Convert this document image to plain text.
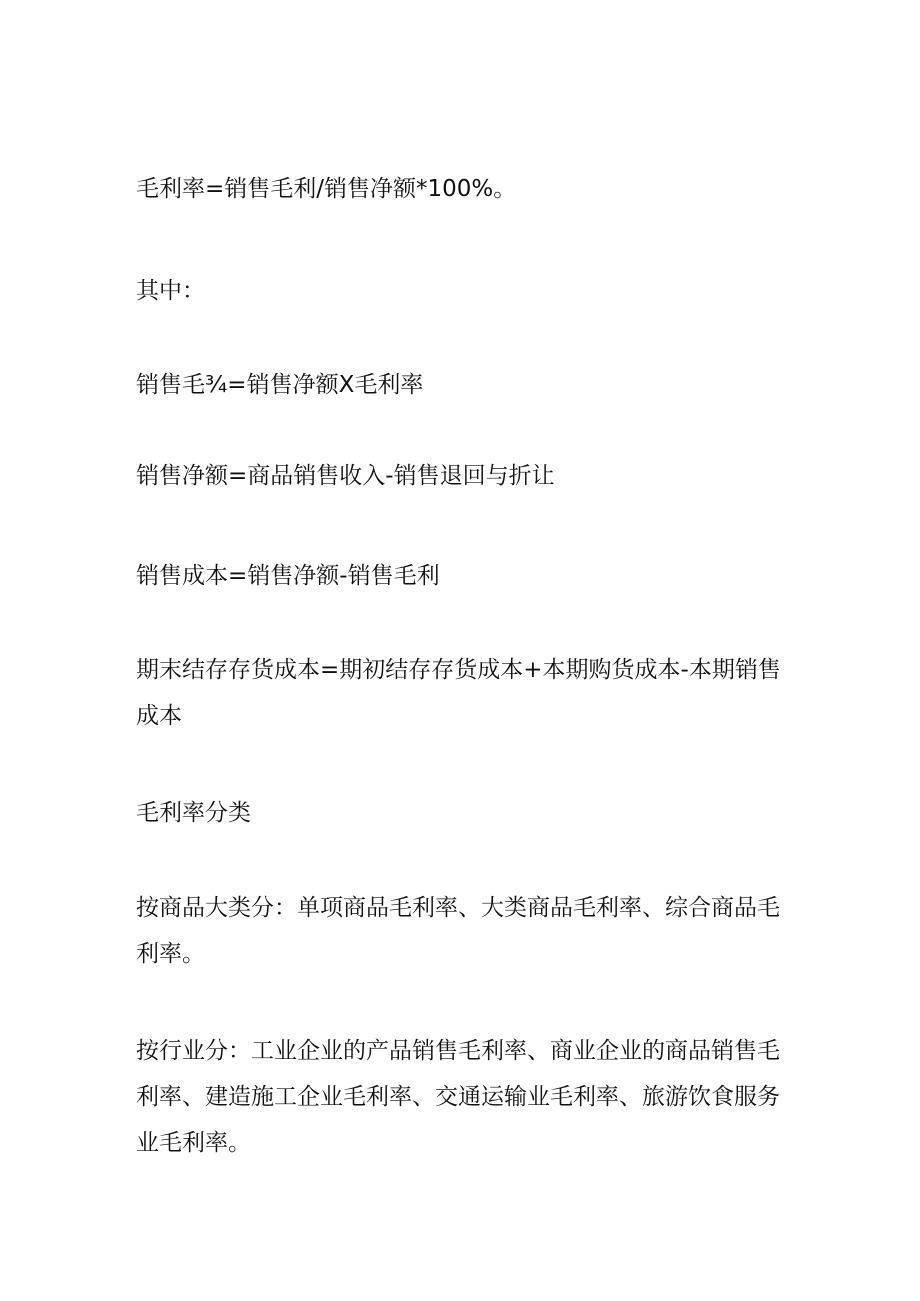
毛利率=销售毛利/销售净额*100%。

其中：

销售毛¾=销售净额X毛利率

销售净额=商品销售收入-销售退回与折让

销售成本=销售净额-销售毛利

期末结存存货成本=期初结存存货成本+本期购货成本-本期销售成本

毛利率分类

按商品大类分：单项商品毛利率、大类商品毛利率、综合商品毛利率。

按行业分：工业企业的产品销售毛利率、商业企业的商品销售毛利率、建造施工企业毛利率、交通运输业毛利率、旅游饮食服务业毛利率。
